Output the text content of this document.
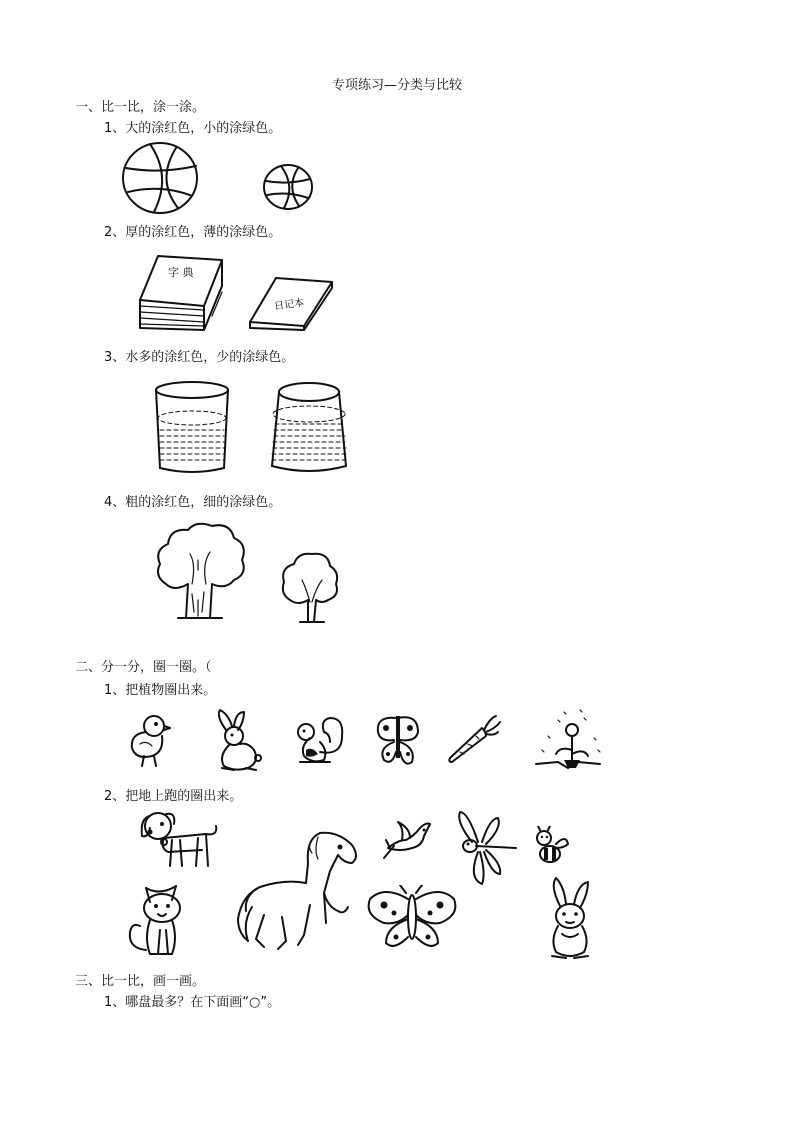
专项练习—分类与比较
一、比一比，涂一涂。
1、大的涂红色，小的涂绿色。
2、厚的涂红色，薄的涂绿色。
字 典
日记本
3、水多的涂红色，少的涂绿色。
4、粗的涂红色，细的涂绿色。
二、分一分，圈一圈。（
1、把植物圈出来。
2、把地上跑的圈出来。
三、比一比，画一画。
1、哪盘最多？在下面画“○”。
